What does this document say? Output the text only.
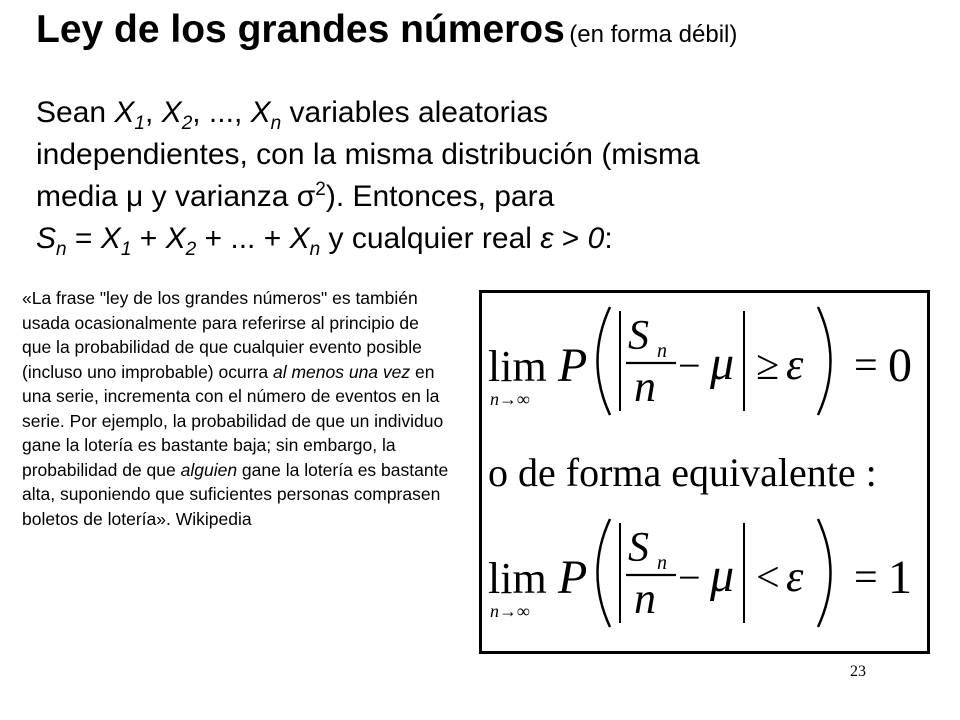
Ley de los grandes números (en forma débil)
Sean $X_1$, $X_2$, ..., $X_n$ variables aleatorias
independientes, con la misma distribución (misma
media μ y varianza $\sigma^2$). Entonces, para
$S_n = X_1 + X_2$ + ... + $X_n$ y cualquier real ε > 0:

«La frase "ley de los grandes números" es también usada ocasionalmente para referirse al principio de que la probabilidad de que cualquier evento posible (incluso uno improbable) ocurra al menos una vez en una serie, incrementa con el número de eventos en la serie. Por ejemplo, la probabilidad de que un individuo gane la lotería es bastante baja; sin embargo, la probabilidad de que alguien gane la lotería es bastante alta, suponiendo que suficientes personas comprasen boletos de lotería». Wikipedia

lim
n→∞
P
S n
n − μ ≥ ε = 0
o de forma equivalente :
lim
n→∞
P
S n
n − μ < ε = 1
23
